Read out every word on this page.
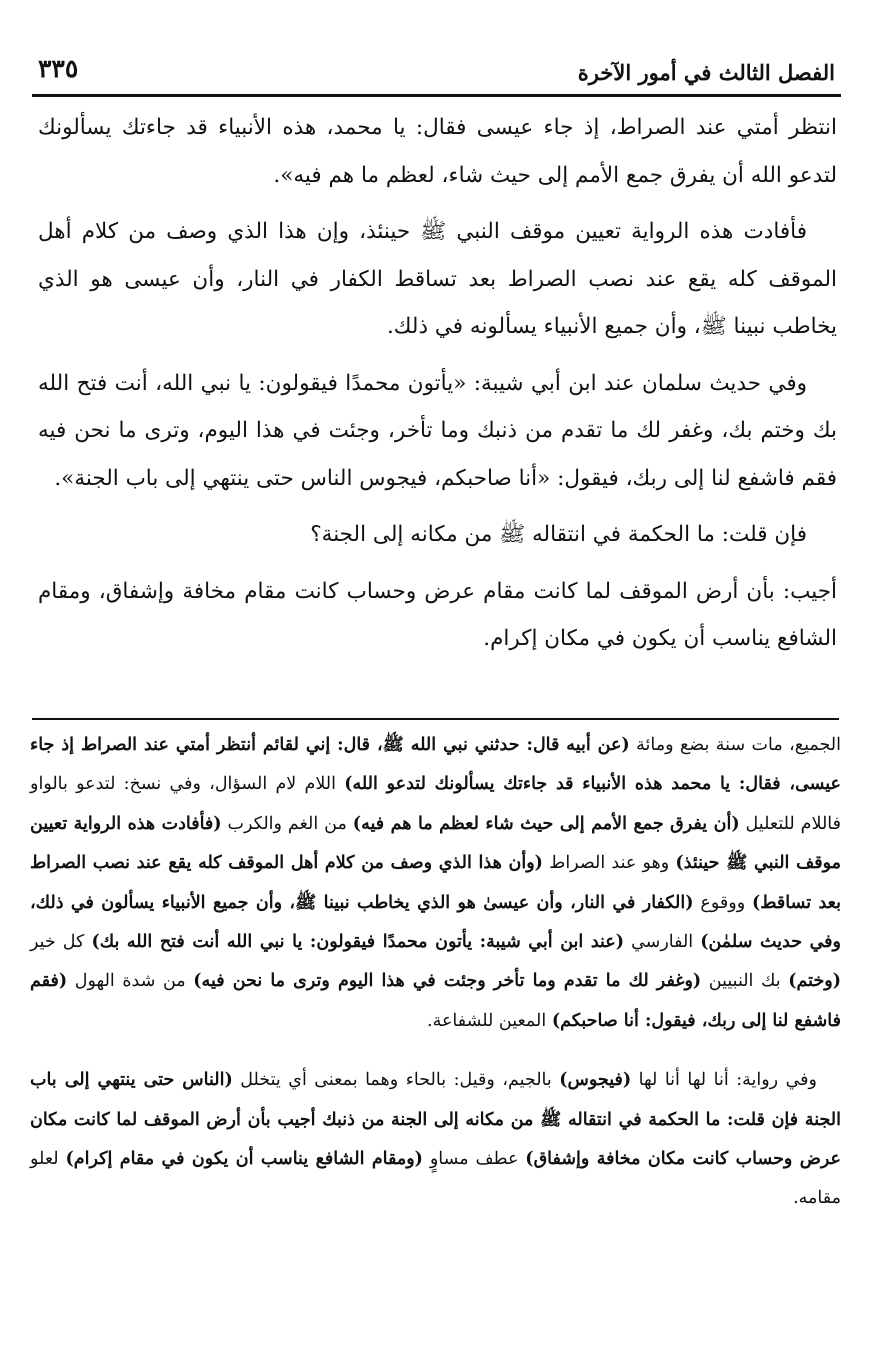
الفصل الثالث في أمور الآخرة
٣٣٥

انتظر أمتي عند الصراط، إذ جاء عيسى فقال: يا محمد، هذه الأنبياء قد جاءتك يسألونك لتدعو الله أن يفرق جمع الأمم إلى حيث شاء، لعظم ما هم فيه».

فأفادت هذه الرواية تعيين موقف النبي ﷺ حينئذ، وإن هذا الذي وصف من كلام أهل الموقف كله يقع عند نصب الصراط بعد تساقط الكفار في النار، وأن عيسى هو الذي يخاطب نبينا ﷺ، وأن جميع الأنبياء يسألونه في ذلك.

وفي حديث سلمان عند ابن أبي شيبة: «يأتون محمدًا فيقولون: يا نبي الله، أنت فتح الله بك وختم بك، وغفر لك ما تقدم من ذنبك وما تأخر، وجئت في هذا اليوم، وترى ما نحن فيه فقم فاشفع لنا إلى ربك، فيقول: «أنا صاحبكم، فيجوس الناس حتى ينتهي إلى باب الجنة».

فإن قلت: ما الحكمة في انتقاله ﷺ من مكانه إلى الجنة؟

أجيب: بأن أرض الموقف لما كانت مقام عرض وحساب كانت مقام مخافة وإشفاق، ومقام الشافع يناسب أن يكون في مكان إكرام.

الجميع، مات سنة بضع ومائة (عن أبيه قال: حدثني نبي الله ﷺ، قال: إني لقائم أنتظر أمتي عند الصراط إذ جاء عيسى، فقال: يا محمد هذه الأنبياء قد جاءتك يسألونك لتدعو الله) اللام لام السؤال، وفي نسخ: لتدعو بالواو فاللام للتعليل (أن يفرق جمع الأمم إلى حيث شاء لعظم ما هم فيه) من الغم والكرب (فأفادت هذه الرواية تعيين موقف النبي ﷺ حينئذ) وهو عند الصراط (وأن هذا الذي وصف من كلام أهل الموقف كله يقع عند نصب الصراط بعد تساقط) ووقوع (الكفار في النار، وأن عيسىٰ هو الذي يخاطب نبينا ﷺ، وأن جميع الأنبياء يسألون في ذلك، وفي حديث سلمٰن) الفارسي (عند ابن أبي شيبة: يأتون محمدًا فيقولون: يا نبي الله أنت فتح الله بك) كل خير (وختم) بك النبيين (وغفر لك ما تقدم وما تأخر وجئت في هذا اليوم وترى ما نحن فيه) من شدة الهول (فقم فاشفع لنا إلى ربك، فيقول: أنا صاحبكم) المعين للشفاعة.

وفي رواية: أنا لها أنا لها (فيجوس) بالجيم، وقيل: بالحاء وهما بمعنى أي يتخلل (الناس حتى ينتهي إلى باب الجنة فإن قلت: ما الحكمة في انتقاله ﷺ من مكانه إلى الجنة من ذنبك أجيب بأن أرض الموقف لما كانت مكان عرض وحساب كانت مكان مخافة وإشفاق) عطف مساوٍ (ومقام الشافع يناسب أن يكون في مقام إكرام) لعلو مقامه.
